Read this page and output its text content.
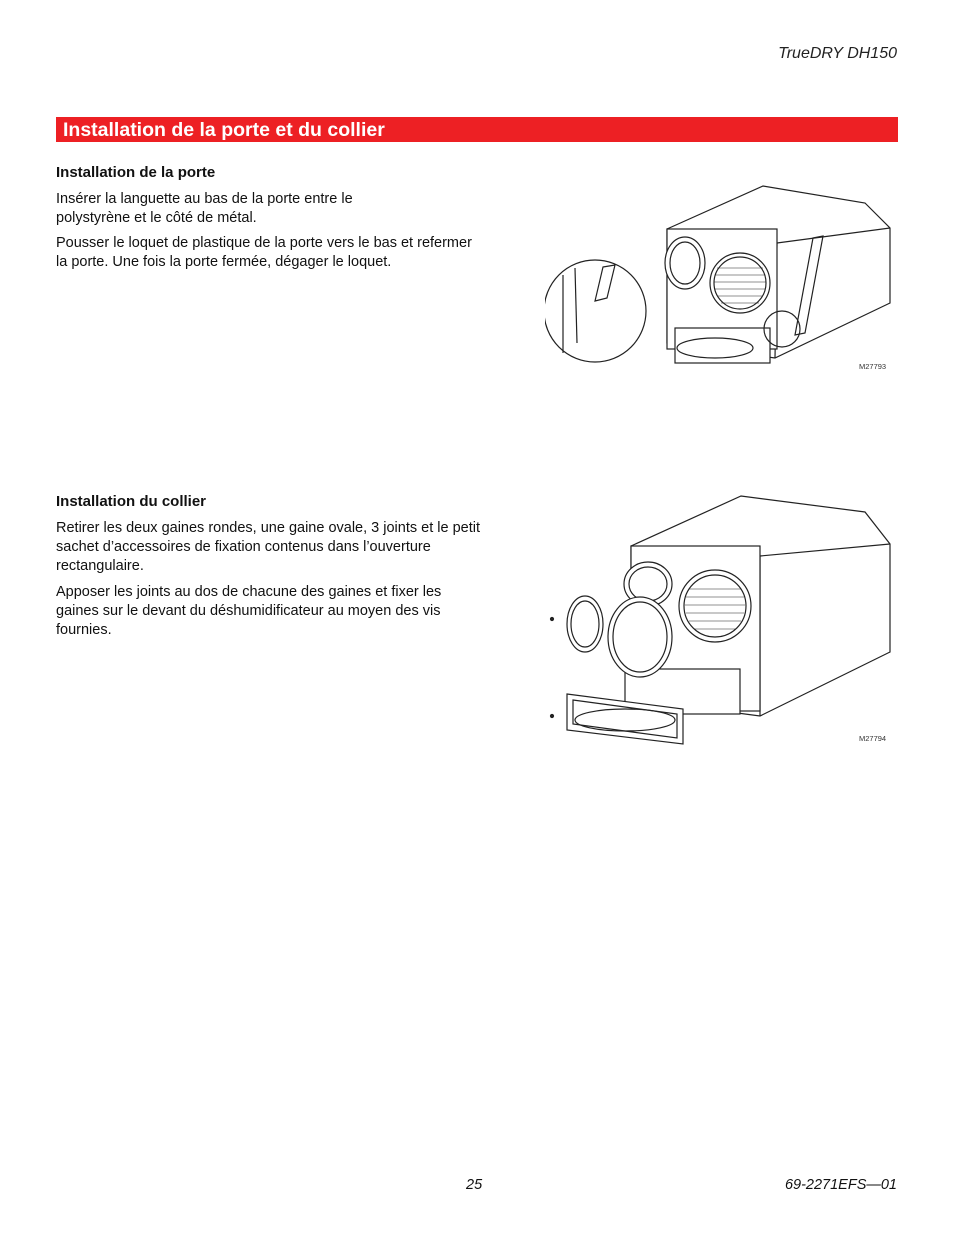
TrueDRY DH150
Installation de la porte et du collier
Installation de la porte

Insérer la languette au bas de la porte entre le polystyrène et le côté de métal.

Pousser le loquet de plastique de la porte vers le bas et refermer la porte. Une fois la porte fermée, dégager le loquet.

M27793
Installation du collier

Retirer les deux gaines rondes, une gaine ovale, 3 joints et le petit sachet d’accessoires de fixation contenus dans l’ouverture rectangulaire.

Apposer les joints au dos de chacune des gaines et fixer les gaines sur le devant du déshumidificateur au moyen des vis fournies.

M27794
25	69-2271EFS—01
